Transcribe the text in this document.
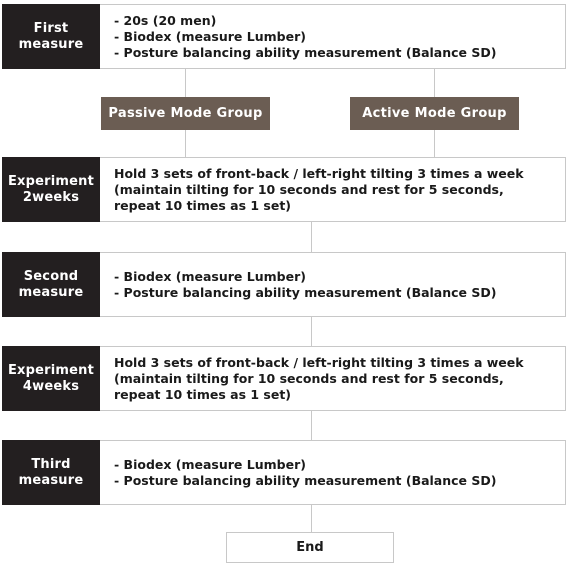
First
measure
- 20s (20 men)
- Biodex (measure Lumber)
- Posture balancing ability measurement (Balance SD)
Passive Mode Group	Active Mode Group
Experiment
2weeks
Hold 3 sets of front-back / left-right tilting 3 times a week
(maintain tilting for 10 seconds and rest for 5 seconds,
repeat 10 times as 1 set)
Second
measure
- Biodex (measure Lumber)
- Posture balancing ability measurement (Balance SD)
Experiment
4weeks
Hold 3 sets of front-back / left-right tilting 3 times a week
(maintain tilting for 10 seconds and rest for 5 seconds,
repeat 10 times as 1 set)
Third
measure
- Biodex (measure Lumber)
- Posture balancing ability measurement (Balance SD)
End
